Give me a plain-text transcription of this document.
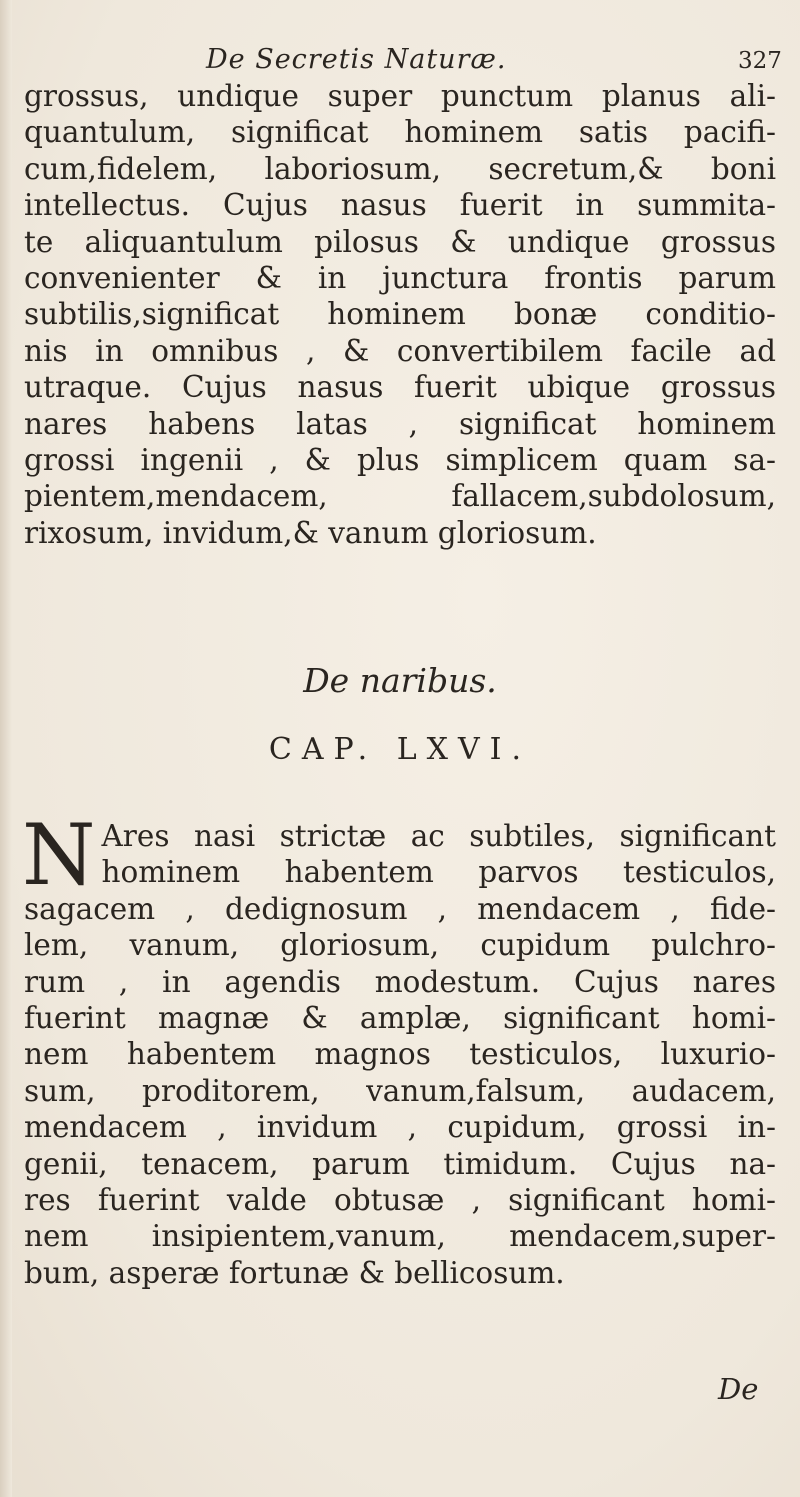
De Secretis Naturæ.	327
grossus, undique super punctum planus ali-
quantulum, significat hominem satis pacifi-
cum,fidelem, laboriosum, secretum,& boni
intellectus. Cujus nasus fuerit in summita-
te aliquantulum pilosus & undique grossus
convenienter & in junctura frontis parum
subtilis,significat hominem bonæ conditio-
nis in omnibus , & convertibilem facile ad
utraque. Cujus nasus fuerit ubique grossus
nares habens latas , significat hominem
grossi ingenii , & plus simplicem quam sa-
pientem,mendacem, fallacem,subdolosum,
rixosum, invidum,& vanum gloriosum.
De naribus.
CAP. LXVI.
N Ares nasi strictæ ac subtiles, significant
hominem habentem parvos testiculos,
sagacem , dedignosum , mendacem , fide-
lem, vanum, gloriosum, cupidum pulchro-
rum , in agendis modestum. Cujus nares
fuerint magnæ & amplæ, significant homi-
nem habentem magnos testiculos, luxurio-
sum, proditorem, vanum,falsum, audacem,
mendacem , invidum , cupidum, grossi in-
genii, tenacem, parum timidum. Cujus na-
res fuerint valde obtusæ , significant homi-
nem insipientem,vanum, mendacem,super-
bum, asperæ fortunæ & bellicosum.
De
